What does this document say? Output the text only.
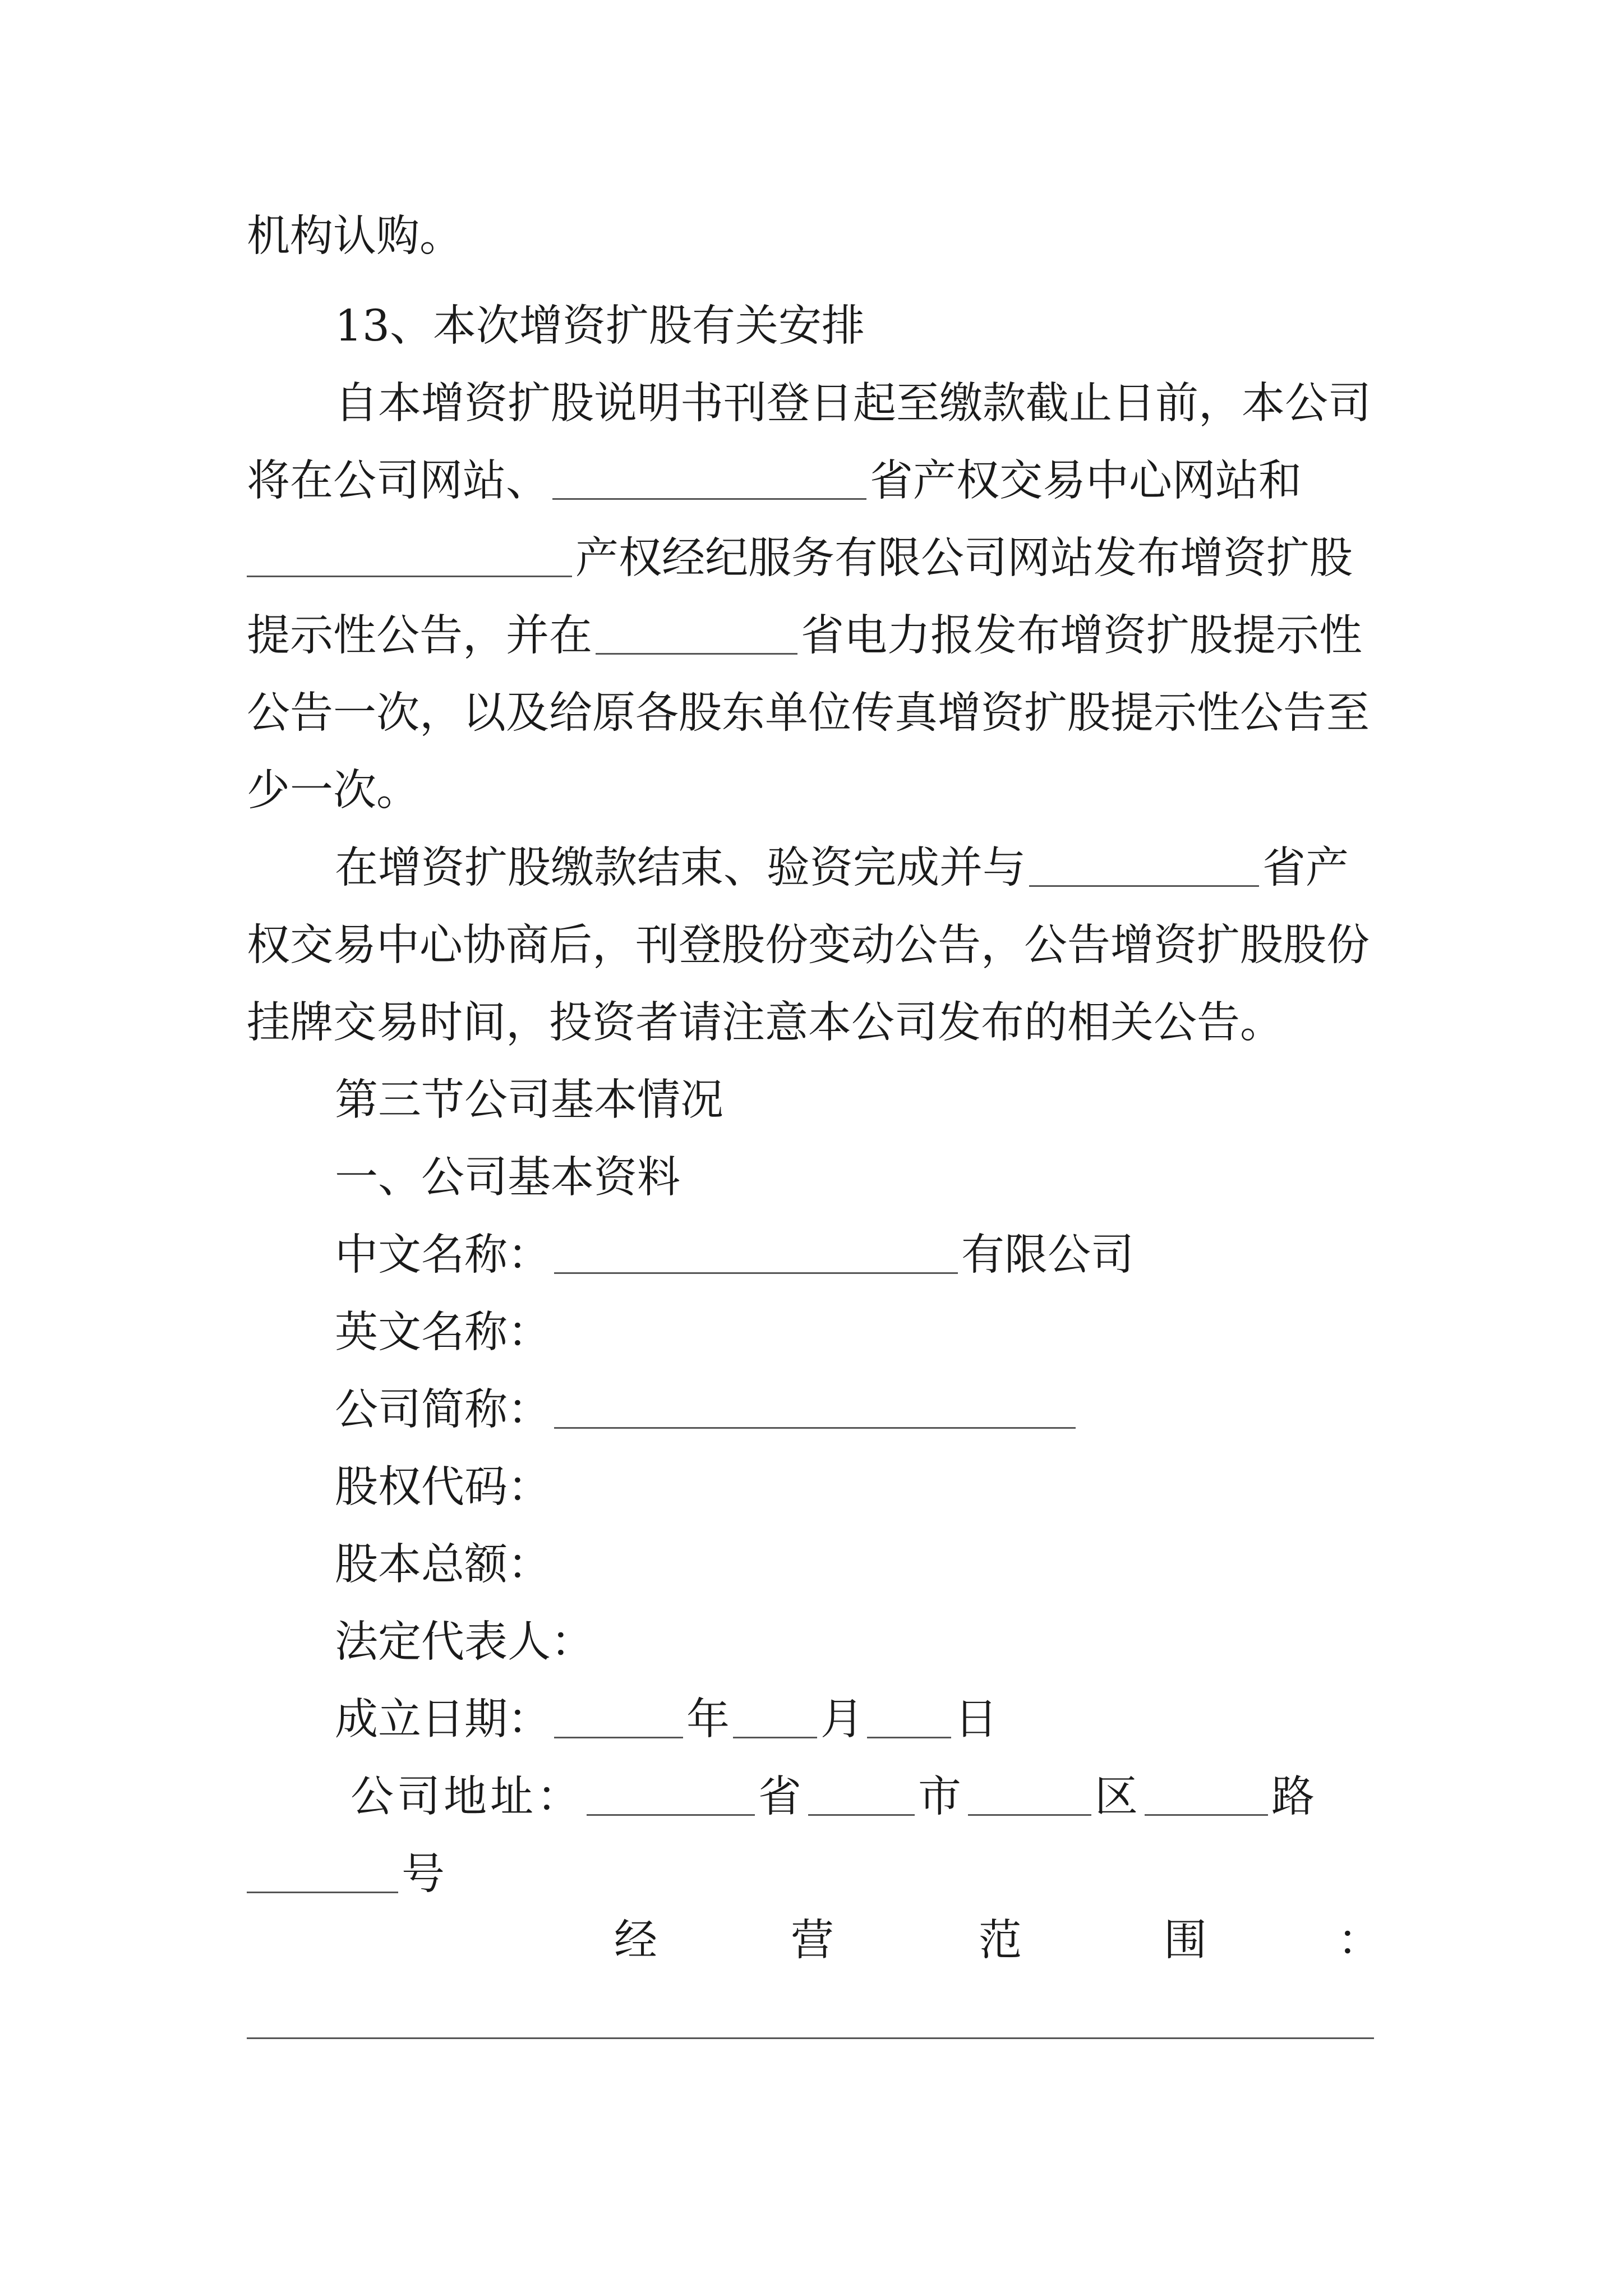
机构认购。
13、本次增资扩股有关安排
自本增资扩股说明书刊登日起至缴款截止日前，本公司
将在公司网站、	省产权交易中心网站和
产权经纪服务有限公司网站发布增资扩股
提示性公告，并在	省电力报发布增资扩股提示性
公告一次，以及给原各股东单位传真增资扩股提示性公告至
少一次。
在增资扩股缴款结束、验资完成并与	省产
权交易中心协商后，刊登股份变动公告，公告增资扩股股份
挂牌交易时间，投资者请注意本公司发布的相关公告。
第三节公司基本情况
一、公司基本资料
中文名称：	有限公司
英文名称：
公司简称：
股权代码：
股本总额：
法定代表人：
成立日期：	年 月 日
公司地址：	省	市	区	路
号
经	营	范	围	：
